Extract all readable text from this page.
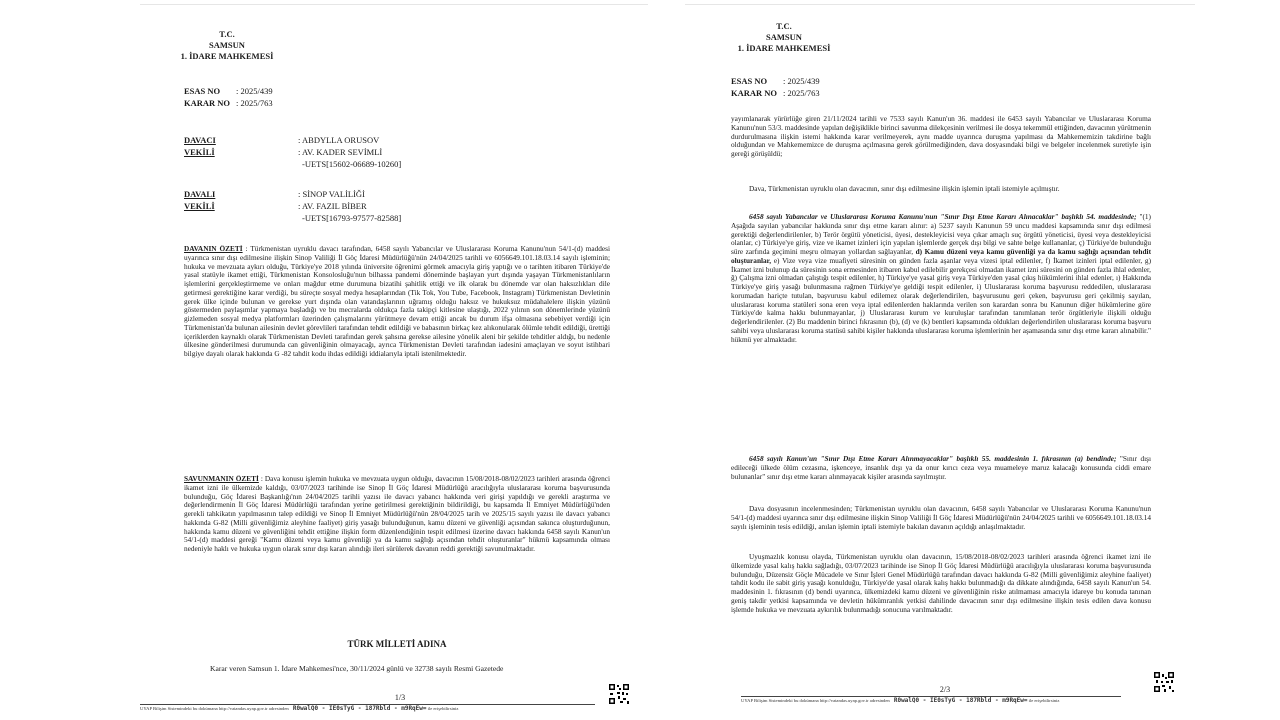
T.C.
SAMSUN
1. İDARE MAHKEMESİ
ESAS NO : 2025/439
KARAR NO : 2025/763
DAVACI	: ABDYLLA ORUSOV
VEKİLİ	: AV. KADER SEVİMLİ
-UETS[15602-06689-10260]
DAVALI	: SİNOP VALİLİĞİ
VEKİLİ	: AV. FAZIL BİBER
-UETS[16793-97577-82588]
DAVANIN ÖZETİ : Türkmenistan uyruklu davacı tarafından, 6458 sayılı Yabancılar ve Uluslararası Koruma Kanunu'nun 54/1-(d) maddesi uyarınca sınır dışı edilmesine ilişkin Sinop Valiliği İl Göç İdaresi Müdürlüğü'nün 24/04/2025 tarihli ve 6056649.101.18.03.14 sayılı işleminin; hukuka ve mevzuata aykırı olduğu, Türkiye'ye 2018 yılında üniversite öğrenimi görmek amacıyla giriş yaptığı ve o tarihten itibaren Türkiye'de yasal statüyle ikamet ettiği, Türkmenistan Konsolosluğu'nun bilhassa pandemi döneminde başlayan yurt dışında yaşayan Türkmenistanlıların işlemlerini gerçekleştirmeme ve onları mağdur etme durumuna bizatihi şahitlik ettiği ve ilk olarak bu dönemde var olan haksızlıkları dile getirmesi gerektiğine karar verdiği, bu süreçte sosyal medya hesaplarından (Tik Tok, You Tube, Facebook, Instagram) Türkmenistan Devletinin gerek ülke içinde bulunan ve gerekse yurt dışında olan vatandaşlarının uğramış olduğu haksız ve hukuksuz müdahalelere ilişkin yüzünü göstermeden paylaşımlar yapmaya başladığı ve bu mecralarda oldukça fazla takipçi kitlesine ulaştığı, 2022 yılının son dönemlerinde yüzünü gizlemeden sosyal medya platformları üzerinden çalışmalarını yürütmeye devam ettiği ancak bu durum ifşa olmasına sebebiyet verdiği için Türkmenistan'da bulunan ailesinin devlet görevlileri tarafından tehdit edildiği ve babasının birkaç kez alıkonularak ölümle tehdit edildiği, ürettiği içeriklerden kaynaklı olarak Türkmenistan Devleti tarafından gerek şahsına gerekse ailesine yönelik aleni bir şekilde tehditler aldığı, bu nedenle ülkesine gönderilmesi durumunda can güvenliğinin olmayacağı, ayrıca Türkmenistan Devleti tarafından iadesini amaçlayan ve soyut istihbari bilgiye dayalı olarak hakkında G -82 tahdit kodu ihdas edildiği iddialarıyla iptali istenilmektedir.
SAVUNMANIN ÖZETİ : Dava konusu işlemin hukuka ve mevzuata uygun olduğu, davacının 15/08/2018-08/02/2023 tarihleri arasında öğrenci ikamet izni ile ülkemizde kaldığı, 03/07/2023 tarihinde ise Sinop İl Göç İdaresi Müdürlüğü aracılığıyla uluslararası koruma başvurusunda bulunduğu, Göç İdaresi Başkanlığı'nın 24/04/2025 tarihli yazısı ile davacı yabancı hakkında veri girişi yapıldığı ve gerekli araştırma ve değerlendirmenin İl Göç İdaresi Müdürlüğü tarafından yerine getirilmesi gerektiğinin bildirildiği, bu kapsamda İl Emniyet Müdürlüğü'nden gerekli tahkikatın yapılmasının talep edildiği ve Sinop İl Emniyet Müdürlüğü'nün 28/04/2025 tarih ve 2025/15 sayılı yazısı ile davacı yabancı hakkında G-82 (Milli güvenliğimiz aleyhine faaliyet) giriş yasağı bulunduğunun, kamu düzeni ve güvenliği açısından sakınca oluşturduğunun, hakkında kamu düzeni ve güvenliğini tehdit ettiğine ilişkin form düzenlendiğinin tespit edilmesi üzerine davacı hakkında 6458 sayılı Kanun'un 54/1-(d) maddesi gereği "Kamu düzeni veya kamu güvenliği ya da kamu sağlığı açısından tehdit oluşturanlar" hükmü kapsamında olması nedeniyle haklı ve hukuka uygun olarak sınır dışı kararı alındığı ileri sürülerek davanın reddi gerektiği savunulmaktadır.
TÜRK MİLLETİ ADINA
Karar veren Samsun 1. İdare Mahkemesi'nce, 30/11/2024 günlü ve 32738 sayılı Resmi Gazetede
1/3
UYAP Bilişim Sistemindeki bu dokümana http://vatandas.uyap.gov.tr adresinden R0walQ0 - IE0sTyG - 187Rbld - m9RqEw= ile erişebilirsiniz
T.C.
SAMSUN
1. İDARE MAHKEMESİ
ESAS NO : 2025/439
KARAR NO : 2025/763
yayımlanarak yürürlüğe giren 21/11/2024 tarihli ve 7533 sayılı Kanun'un 36. maddesi ile 6453 sayılı Yabancılar ve Uluslararası Koruma Kanunu'nun 53/3. maddesinde yapılan değişiklikle birinci savunma dilekçesinin verilmesi ile dosya tekemmül ettiğinden, davacının yürütmenin durdurulmasına ilişkin istemi hakkında karar verilmeyerek, aynı madde uyarınca duruşma yapılması da Mahkememizin takdirine bağlı olduğundan ve Mahkememizce de duruşma açılmasına gerek görülmediğinden, dava dosyasındaki bilgi ve belgeler incelenmek suretiyle işin gereği görüşüldü;
Dava, Türkmenistan uyruklu olan davacının, sınır dışı edilmesine ilişkin işlemin iptali istemiyle açılmıştır.
6458 sayılı Yabancılar ve Uluslararası Koruma Kanunu'nun "Sınır Dışı Etme Kararı Alınacaklar" başlıklı 54. maddesinde; "(1) Aşağıda sayılan yabancılar hakkında sınır dışı etme kararı alınır: a) 5237 sayılı Kanunun 59 uncu maddesi kapsamında sınır dışı edilmesi gerektiği değerlendirilenler, b) Terör örgütü yöneticisi, üyesi, destekleyicisi veya çıkar amaçlı suç örgütü yöneticisi, üyesi veya destekleyicisi olanlar, c) Türkiye'ye giriş, vize ve ikamet izinleri için yapılan işlemlerde gerçek dışı bilgi ve sahte belge kullananlar, ç) Türkiye'de bulunduğu süre zarfında geçimini meşru olmayan yollardan sağlayanlar, d) Kamu düzeni veya kamu güvenliği ya da kamu sağlığı açısından tehdit oluşturanlar, e) Vize veya vize muafiyeti süresinin on günden fazla aşanlar veya vizesi iptal edilenler, f) İkamet izinleri iptal edilenler, g) İkamet izni bulunup da süresinin sona ermesinden itibaren kabul edilebilir gerekçesi olmadan ikamet izni süresini on günden fazla ihlal edenler, ğ) Çalışma izni olmadan çalıştığı tespit edilenler, h) Türkiye'ye yasal giriş veya Türkiye'den yasal çıkış hükümlerini ihlal edenler, ı) Hakkında Türkiye'ye giriş yasağı bulunmasına rağmen Türkiye'ye geldiği tespit edilenler, i) Uluslararası koruma başvurusu reddedilen, uluslararası korumadan hariçte tutulan, başvurusu kabul edilemez olarak değerlendirilen, başvurusunu geri çeken, başvurusu geri çekilmiş sayılan, uluslararası koruma statüleri sona eren veya iptal edilenlerden haklarında verilen son karardan sonra bu Kanunun diğer hükümlerine göre Türkiye'de kalma hakkı bulunmayanlar, j) Uluslararası kurum ve kuruluşlar tarafından tanımlanan terör örgütleriyle ilişkili olduğu değerlendirilenler. (2) Bu maddenin birinci fıkrasının (b), (d) ve (k) bentleri kapsamında oldukları değerlendirilen uluslararası koruma başvuru sahibi veya uluslararası koruma statüsü sahibi kişiler hakkında uluslararası koruma işlemlerinin her aşamasında sınır dışı etme kararı alınabilir." hükmü yer almaktadır.
6458 sayılı Kanun'un "Sınır Dışı Etme Kararı Alınmayacaklar" başlıklı 55. maddesinin 1. fıkrasının (a) bendinde; "Sınır dışı edileceği ülkede ölüm cezasına, işkenceye, insanlık dışı ya da onur kırıcı ceza veya muameleye maruz kalacağı konusunda ciddi emare bulunanlar" sınır dışı etme kararı alınmayacak kişiler arasında sayılmıştır.
Dava dosyasının incelenmesinden; Türkmenistan uyruklu olan davacının, 6458 sayılı Yabancılar ve Uluslararası Koruma Kanunu'nun 54/1-(d) maddesi uyarınca sınır dışı edilmesine ilişkin Sinop Valiliği İl Göç İdaresi Müdürlüğü'nün 24/04/2025 tarihli ve 6056649.101.18.03.14 sayılı işleminin tesis edildiği, anılan işlemin iptali istemiyle bakılan davanın açıldığı anlaşılmaktadır.
Uyuşmazlık konusu olayda, Türkmenistan uyruklu olan davacının, 15/08/2018-08/02/2023 tarihleri arasında öğrenci ikamet izni ile ülkemizde yasal kalış hakkı sağladığı, 03/07/2023 tarihinde ise Sinop İl Göç İdaresi Müdürlüğü aracılığıyla uluslararası koruma başvurusunda bulunduğu, Düzensiz Göçle Mücadele ve Sınır İşleri Genel Müdürlüğü tarafından davacı hakkında G-82 (Milli güvenliğimiz aleyhine faaliyet) tahdit kodu ile sabit giriş yasağı konulduğu, Türkiye'de yasal olarak kalış hakkı bulunmadığı da dikkate alındığında, 6458 sayılı Kanun'un 54. maddesinin 1. fıkrasının (d) bendi uyarınca, ülkemizdeki kamu düzeni ve güvenliğinin riske atılmaması amacıyla idareye bu konuda tanınan geniş takdir yetkisi kapsamında ve devletin hükümranlık yetkisi dahilinde davacının sınır dışı edilmesine ilişkin tesis edilen dava konusu işlemde hukuka ve mevzuata aykırılık bulunmadığı sonucuna varılmaktadır.
2/3
UYAP Bilişim Sistemindeki bu dokümana http://vatandas.uyap.gov.tr adresinden R0walQ0 - IE0sTyG - 187Rbld - m9RqEw= ile erişebilirsiniz
